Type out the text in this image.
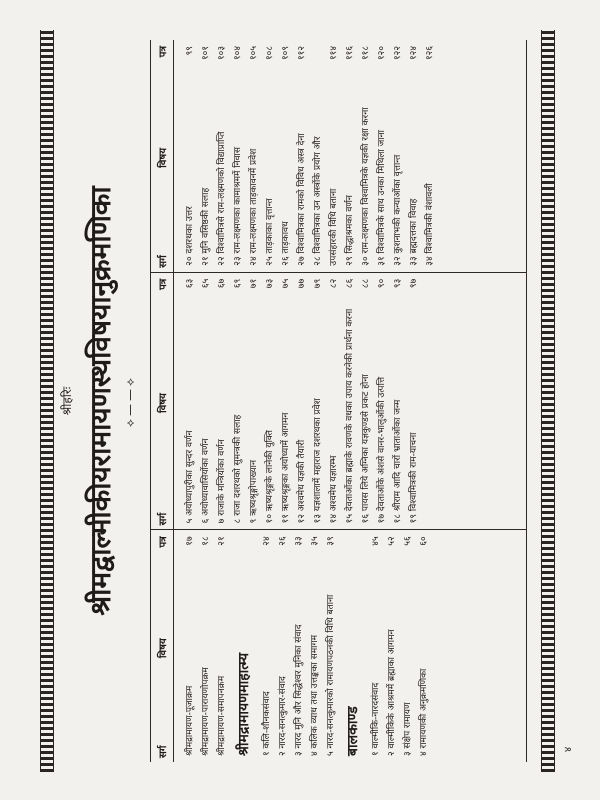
श्रीहरिः श्रीमद्वाल्मीकीयरामायणस्थविषयानुक्रमणिका ⟡——⟡
सर्ग
विषय
पत्र
श्रीमद्रामायण-पूजाक्रम
१७
श्रीमद्रामायण-पारायणोपक्रम
१८
श्रीमद्रामायण-समापनक्रम
२१
श्रीमद्रामायणमाहात्म्य	१ कलि-शौनकसंवाद
२४
२ नारद-सनत्कुमार-संवाद
२६
३ नारद मुनि और सिद्धेश्वर मुनिका संवाद
३३
४ कलिक व्याध तथा उत्तङ्कका समागम
३५
५ नारद-सनत्कुमारको रामायणपठनकी विधि बताना
३९
बालकाण्ड	१ वाल्मीकि-नारदसंवाद
४५
२ वाल्मीकिके आश्रममें ब्रह्माका आगमन
५२
३ संक्षेप रामायण
५६
४ रामायणकी अनुक्रमणिका
६०
सर्ग
विषय
पत्र
५ अयोध्यापुरीका सुन्दर वर्णन
६३
६ अयोध्यावासियोंका वर्णन
६५
७ राजाके मन्त्रियोंका वर्णन
६७
८ राजा दशरथको सुमन्त्रकी सलाह
६९
९ ऋष्यश्रृङ्गोपाख्यान
७१
१० ऋष्यश्रृङ्गके लानेकी युक्ति
७३
११ ऋष्यश्रृङ्गका अयोध्यामें आगमन
७५
१२ अश्वमेध यज्ञकी तैयारी
७७
१३ यज्ञशालामें महाराज दशरथका प्रवेश
७९
१४ अश्वमेध यज्ञारम्भ
८२
१५ देवताओंका ब्रह्माके रावणके वधका उपाय करनेकी प्रार्थना करना
८६
१६ पायस लिये अग्निका यज्ञकुण्डसे प्रकट होना
८८
१७ देवताओंके अंशसे वानर-भालुओंकी उत्पत्ति
९०
१८ श्रीराम आदि चारों भ्राताओंका जन्म
९३
१९ विश्वामित्रकी राम-याचना
९७
सर्ग
विषय
पत्र
२० दशरथका उत्तर
९९
२१ मुनि वसिष्ठकी सलाह
१०१
२२ विश्वामित्रसे राम-लक्ष्मणको विद्याप्राप्ति
१०३
२३ राम-लक्ष्मणका कामाश्रममें निवास
१०४
२४ राम-लक्ष्मणका ताड़कावनमें प्रवेश
१०५
२५ ताड़काका वृत्तान्त
१०८
२६ ताड़कावध
१०९
२७ विश्वामित्रका रामको विविध अस्त्र देना
११२
२८ विश्वामित्रका उन अस्त्रोंके प्रयोग और उपसंहारकी विधि बताना
११४
२९ सिद्धाश्रमका वर्णन
११६
३० राम-लक्ष्मणका विश्वामित्रके यज्ञकी रक्षा करना
११८
३१ विश्वामित्रके साथ उनका मिथिला जाना
१२०
३२ कुशनाभकी कन्याओंका वृत्तान्त
१२२
३३ ब्रह्मदत्तका विवाह
१२४
३४ विश्वामित्रकी वंशावली
१२६
४
